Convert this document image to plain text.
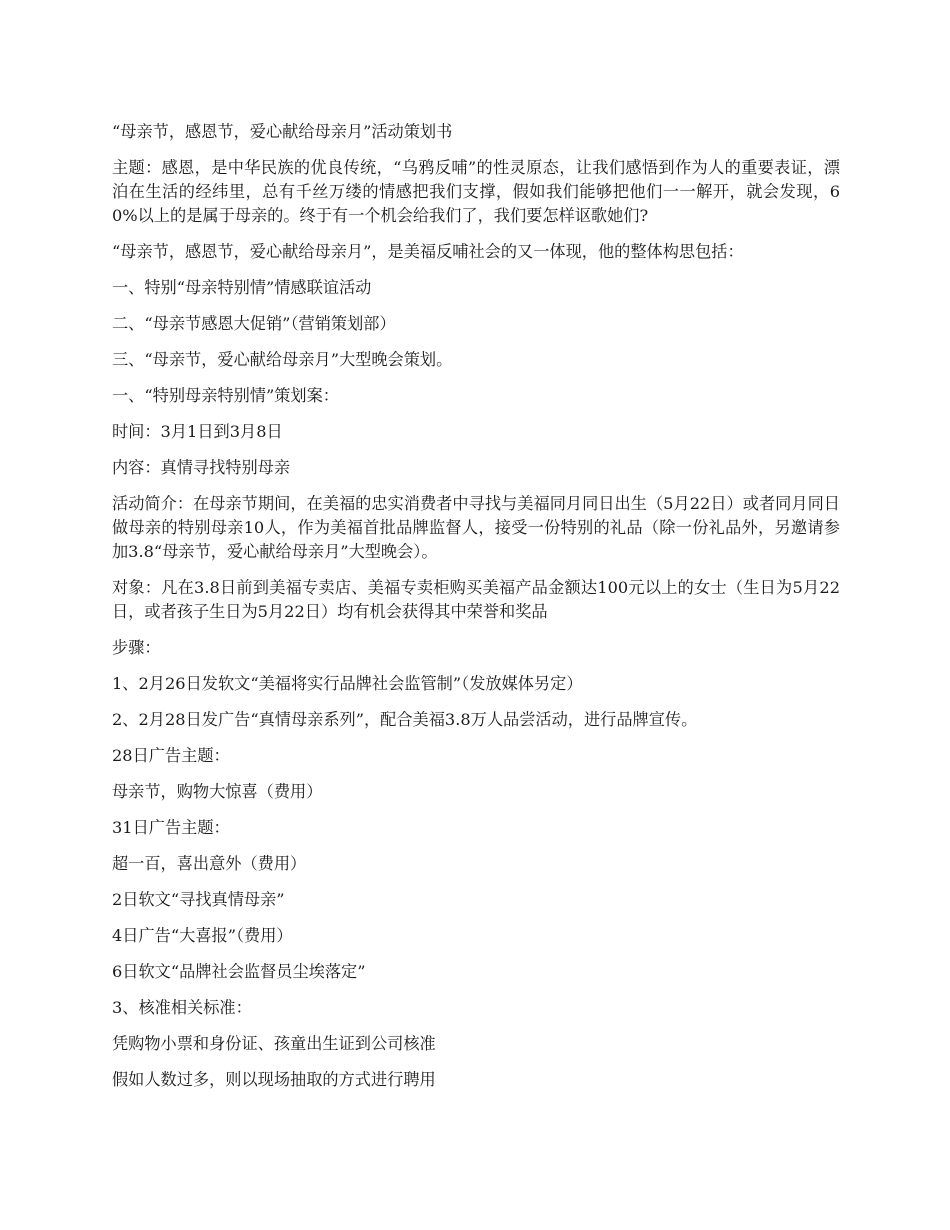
“母亲节，感恩节，爱心献给母亲月”活动策划书

主题：感恩，是中华民族的优良传统，“乌鸦反哺”的性灵原态，让我们感悟到作为人的重要表证，漂泊在生活的经纬里，总有千丝万缕的情感把我们支撑，假如我们能够把他们一一解开，就会发现，60%以上的是属于母亲的。终于有一个机会给我们了，我们要怎样讴歌她们?

“母亲节，感恩节，爱心献给母亲月”，是美福反哺社会的又一体现，他的整体构思包括：

一、特别“母亲特别情”情感联谊活动

二、“母亲节感恩大促销”（营销策划部）

三、“母亲节，爱心献给母亲月”大型晚会策划。

一、“特别母亲特别情”策划案：

时间：3月1日到3月8日

内容：真情寻找特别母亲

活动简介：在母亲节期间，在美福的忠实消费者中寻找与美福同月同日出生（5月22日）或者同月同日做母亲的特别母亲10人，作为美福首批品牌监督人，接受一份特别的礼品（除一份礼品外，另邀请参加3.8“母亲节，爱心献给母亲月”大型晚会）。

对象：凡在3.8日前到美福专卖店、美福专卖柜购买美福产品金额达100元以上的女士（生日为5月22日，或者孩子生日为5月22日）均有机会获得其中荣誉和奖品

步骤：

1、2月26日发软文“美福将实行品牌社会监管制”（发放媒体另定）

2、2月28日发广告“真情母亲系列”，配合美福3.8万人品尝活动，进行品牌宣传。

28日广告主题：

母亲节，购物大惊喜（费用）

31日广告主题：

超一百，喜出意外（费用）

2日软文“寻找真情母亲”

4日广告“大喜报”（费用）

6日软文“品牌社会监督员尘埃落定”

3、核准相关标准：

凭购物小票和身份证、孩童出生证到公司核准

假如人数过多，则以现场抽取的方式进行聘用
